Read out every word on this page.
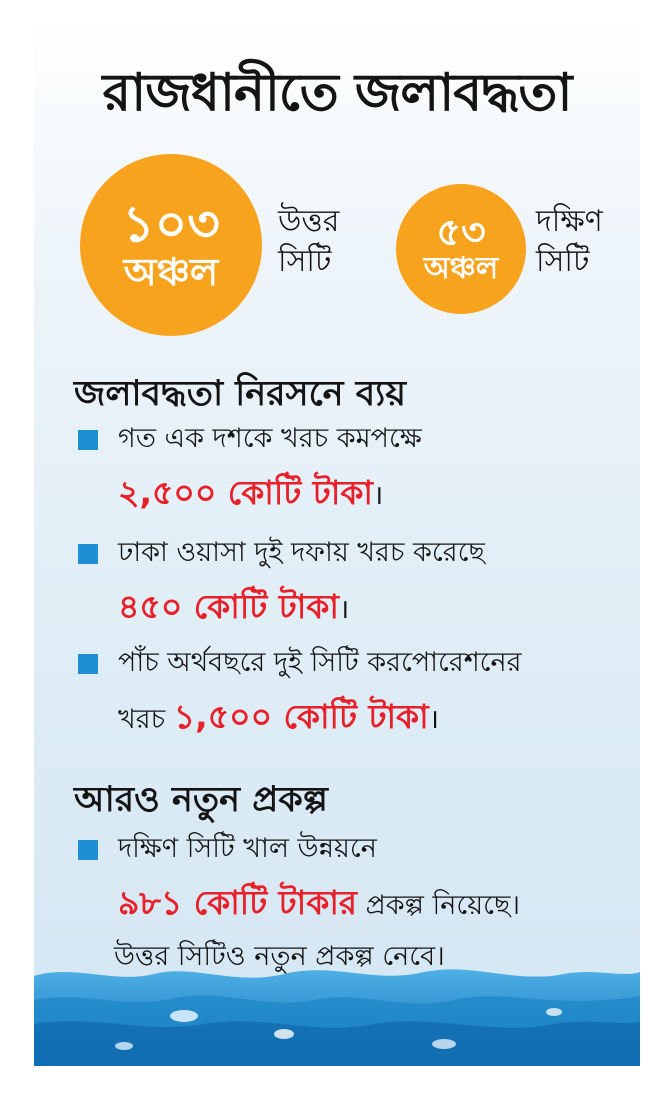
রাজধানীতে জলাবদ্ধতা
১০৩
অঞ্চল
উত্তর
সিটি
৫৩
অঞ্চল
দক্ষিণ
সিটি
জলাবদ্ধতা নিরসনে ব্যয়
গত এক দশকে খরচ কমপক্ষে
২,৫০০ কোটি টাকা।
ঢাকা ওয়াসা দুই দফায় খরচ করেছে
৪৫০ কোটি টাকা।
পাঁচ অর্থবছরে দুই সিটি করপোরেশনের
খরচ ১,৫০০ কোটি টাকা।
আরও নতুন প্রকল্প
দক্ষিণ সিটি খাল উন্নয়নে
৯৮১ কোটি টাকার প্রকল্প নিয়েছে।
উত্তর সিটিও নতুন প্রকল্প নেবে।
